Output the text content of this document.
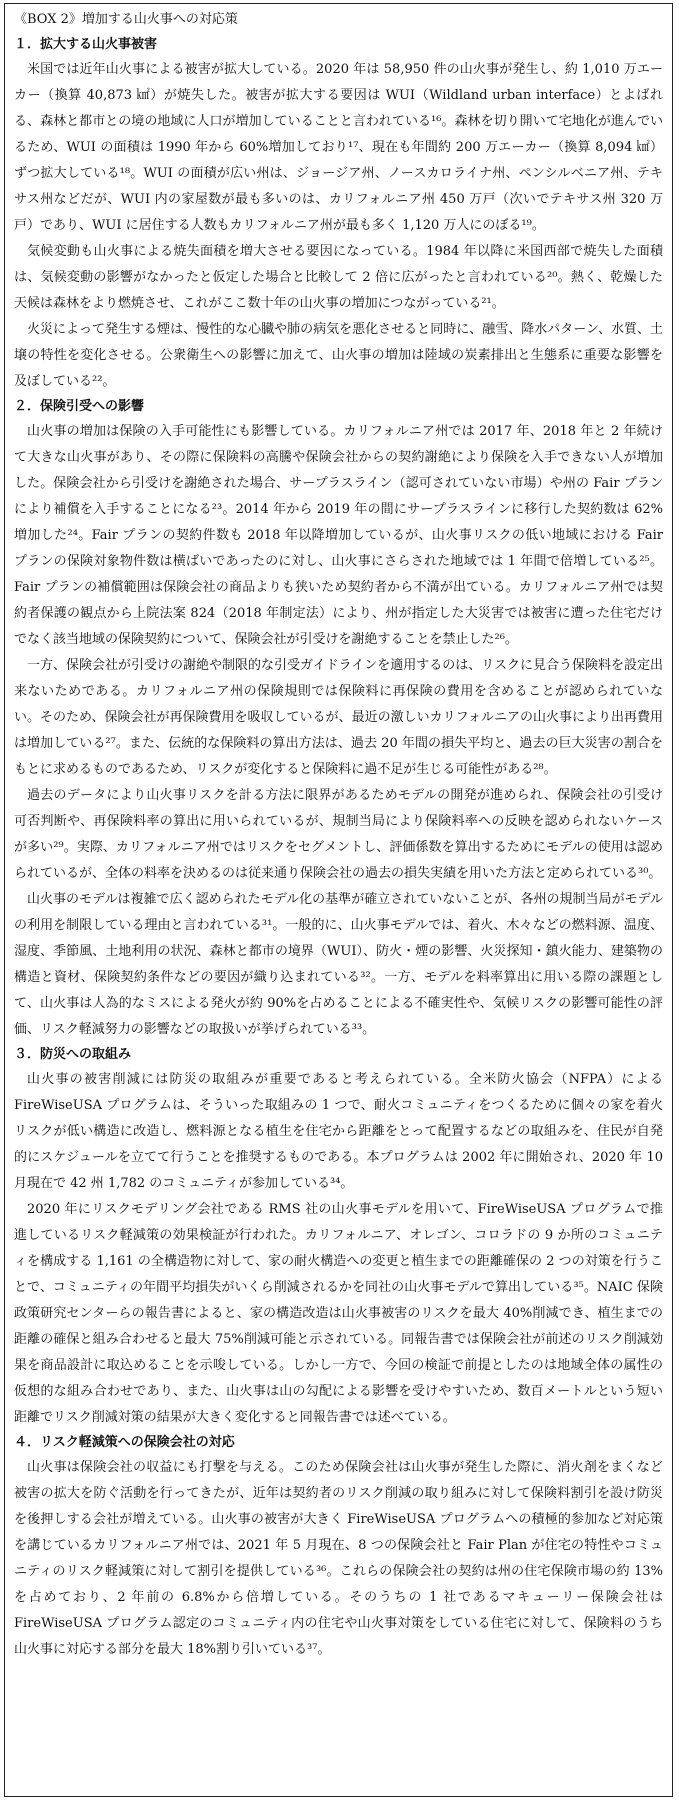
《BOX 2》増加する山火事への対応策
１．拡大する山火事被害

米国では近年山火事による被害が拡大している。2020 年は 58,950 件の山火事が発生し、約 1,010 万エーカー（換算 40,873 ㎢）が焼失した。被害が拡大する要因は WUI（Wildland urban interface）とよばれる、森林と都市との境の地域に人口が増加していることと言われている¹⁶。森林を切り開いて宅地化が進んでいるため、WUI の面積は 1990 年から 60%増加しており¹⁷、現在も年間約 200 万エーカー（換算 8,094 ㎢）ずつ拡大している¹⁸。WUI の面積が広い州は、ジョージア州、ノースカロライナ州、ペンシルベニア州、テキサス州などだが、WUI 内の家屋数が最も多いのは、カリフォルニア州 450 万戸（次いでテキサス州 320 万戸）であり、WUI に居住する人数もカリフォルニア州が最も多く 1,120 万人にのぼる¹⁹。

気候変動も山火事による焼失面積を増大させる要因になっている。1984 年以降に米国西部で焼失した面積は、気候変動の影響がなかったと仮定した場合と比較して 2 倍に広がったと言われている²⁰。熱く、乾燥した天候は森林をより燃焼させ、これがここ数十年の山火事の増加につながっている²¹。

火災によって発生する煙は、慢性的な心臓や肺の病気を悪化させると同時に、融雪、降水パターン、水質、土壌の特性を変化させる。公衆衛生への影響に加えて、山火事の増加は陸域の炭素排出と生態系に重要な影響を及ぼしている²²。

２．保険引受への影響

山火事の増加は保険の入手可能性にも影響している。カリフォルニア州では 2017 年、2018 年と 2 年続けて大きな山火事があり、その際に保険料の高騰や保険会社からの契約謝絶により保険を入手できない人が増加した。保険会社から引受けを謝絶された場合、サープラスライン（認可されていない市場）や州の Fair プランにより補償を入手することになる²³。2014 年から 2019 年の間にサープラスラインに移行した契約数は 62%増加した²⁴。Fair プランの契約件数も 2018 年以降増加しているが、山火事リスクの低い地域における Fair プランの保険対象物件数は横ばいであったのに対し、山火事にさらされた地域では 1 年間で倍増している²⁵。Fair プランの補償範囲は保険会社の商品よりも狭いため契約者から不満が出ている。カリフォルニア州では契約者保護の観点から上院法案 824（2018 年制定法）により、州が指定した大災害では被害に遭った住宅だけでなく該当地域の保険契約について、保険会社が引受けを謝絶することを禁止した²⁶。

一方、保険会社が引受けの謝絶や制限的な引受ガイドラインを適用するのは、リスクに見合う保険料を設定出来ないためである。カリフォルニア州の保険規則では保険料に再保険の費用を含めることが認められていない。そのため、保険会社が再保険費用を吸収しているが、最近の激しいカリフォルニアの山火事により出再費用は増加している²⁷。また、伝統的な保険料の算出方法は、過去 20 年間の損失平均と、過去の巨大災害の割合をもとに求めるものであるため、リスクが変化すると保険料に過不足が生じる可能性がある²⁸。

過去のデータにより山火事リスクを計る方法に限界があるためモデルの開発が進められ、保険会社の引受け可否判断や、再保険料率の算出に用いられているが、規制当局により保険料率への反映を認められないケースが多い²⁹。実際、カリフォルニア州ではリスクをセグメントし、評価係数を算出するためにモデルの使用は認められているが、全体の料率を決めるのは従来通り保険会社の過去の損失実績を用いた方法と定められている³⁰。

山火事のモデルは複雑で広く認められたモデル化の基準が確立されていないことが、各州の規制当局がモデルの利用を制限している理由と言われている³¹。一般的に、山火事モデルでは、着火、木々などの燃料源、温度、湿度、季節風、土地利用の状況、森林と都市の境界（WUI）、防火・煙の影響、火災探知・鎮火能力、建築物の構造と資材、保険契約条件などの要因が織り込まれている³²。一方、モデルを料率算出に用いる際の課題として、山火事は人為的なミスによる発火が約 90%を占めることによる不確実性や、気候リスクの影響可能性の評価、リスク軽減努力の影響などの取扱いが挙げられている³³。

３．防災への取組み

山火事の被害削減には防災の取組みが重要であると考えられている。全米防火協会（NFPA）による FireWiseUSA プログラムは、そういった取組みの 1 つで、耐火コミュニティをつくるために個々の家を着火リスクが低い構造に改造し、燃料源となる植生を住宅から距離をとって配置するなどの取組みを、住民が自発的にスケジュールを立てて行うことを推奨するものである。本プログラムは 2002 年に開始され、2020 年 10 月現在で 42 州 1,782 のコミュニティが参加している³⁴。

2020 年にリスクモデリング会社である RMS 社の山火事モデルを用いて、FireWiseUSA プログラムで推進しているリスク軽減策の効果検証が行われた。カリフォルニア、オレゴン、コロラドの 9 か所のコミュニティを構成する 1,161 の全構造物に対して、家の耐火構造への変更と植生までの距離確保の 2 つの対策を行うことで、コミュニティの年間平均損失がいくら削減されるかを同社の山火事モデルで算出している³⁵。NAIC 保険政策研究センターらの報告書によると、家の構造改造は山火事被害のリスクを最大 40%削減でき、植生までの距離の確保と組み合わせると最大 75%削減可能と示されている。同報告書では保険会社が前述のリスク削減効果を商品設計に取込めることを示唆している。しかし一方で、今回の検証で前提としたのは地域全体の属性の仮想的な組み合わせであり、また、山火事は山の勾配による影響を受けやすいため、数百メートルという短い距離でリスク削減対策の結果が大きく変化すると同報告書では述べている。

４．リスク軽減策への保険会社の対応

山火事は保険会社の収益にも打撃を与える。このため保険会社は山火事が発生した際に、消火剤をまくなど被害の拡大を防ぐ活動を行ってきたが、近年は契約者のリスク削減の取り組みに対して保険料割引を設け防災を後押しする会社が増えている。山火事の被害が大きく FireWiseUSA プログラムへの積極的参加など対応策を講じているカリフォルニア州では、2021 年 5 月現在、8 つの保険会社と Fair Plan が住宅の特性やコミュニティのリスク軽減策に対して割引を提供している³⁶。これらの保険会社の契約は州の住宅保険市場の約 13%を占めており、2 年前の 6.8%から倍増している。そのうちの 1 社であるマキューリー保険会社は FireWiseUSA プログラム認定のコミュニティ内の住宅や山火事対策をしている住宅に対して、保険料のうち山火事に対応する部分を最大 18%割り引いている³⁷。
